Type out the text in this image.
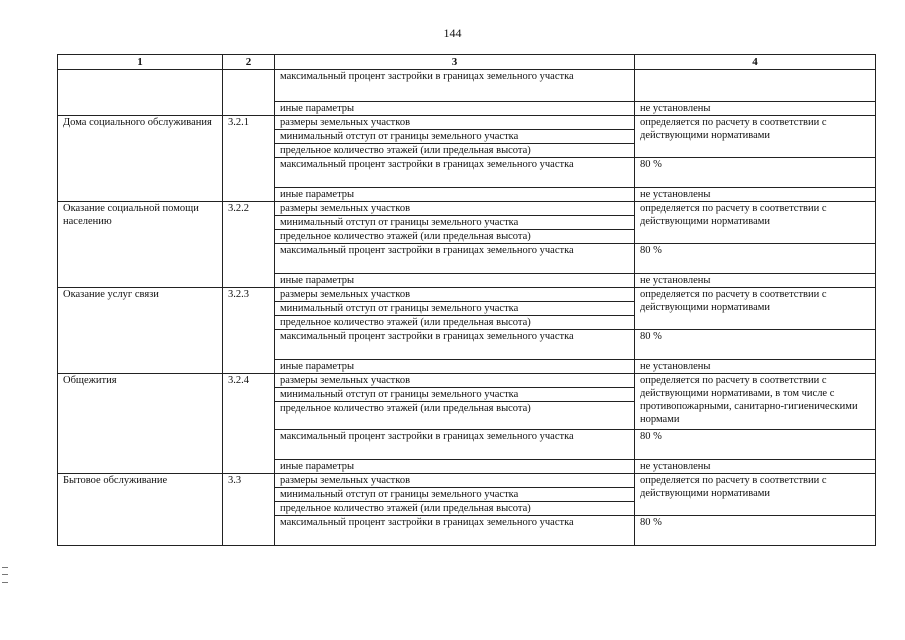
144
1	2	3	4
		максимальный процент застройки в границах земельного участка	
		иные параметры	не установлены
Дома социального обслуживания	3.2.1	размеры земельных участков	определяется по расчету в соответствии с действующими нормативами
		минимальный отступ от границы земельного участка	
		предельное количество этажей (или предельная высота)	
		максимальный процент застройки в границах земельного участка	80 %
		иные параметры	не установлены
Оказание социальной помощи населению	3.2.2	размеры земельных участков	определяется по расчету в соответствии с действующими нормативами
		минимальный отступ от границы земельного участка	
		предельное количество этажей (или предельная высота)	
		максимальный процент застройки в границах земельного участка	80 %
		иные параметры	не установлены
Оказание услуг связи	3.2.3	размеры земельных участков	определяется по расчету в соответствии с действующими нормативами
		минимальный отступ от границы земельного участка	
		предельное количество этажей (или предельная высота)	
		максимальный процент застройки в границах земельного участка	80 %
		иные параметры	не установлены
Общежития	3.2.4	размеры земельных участков	определяется по расчету в соответствии с действующими нормативами, в том числе с противопожарными, санитарно-гигиеническими нормами
		минимальный отступ от границы земельного участка	
		предельное количество этажей (или предельная высота)	
		максимальный процент застройки в границах земельного участка	80 %
		иные параметры	не установлены
Бытовое обслуживание	3.3	размеры земельных участков	определяется по расчету в соответствии с действующими нормативами
		минимальный отступ от границы земельного участка	
		предельное количество этажей (или предельная высота)	
		максимальный процент застройки в границах земельного участка	80 %
